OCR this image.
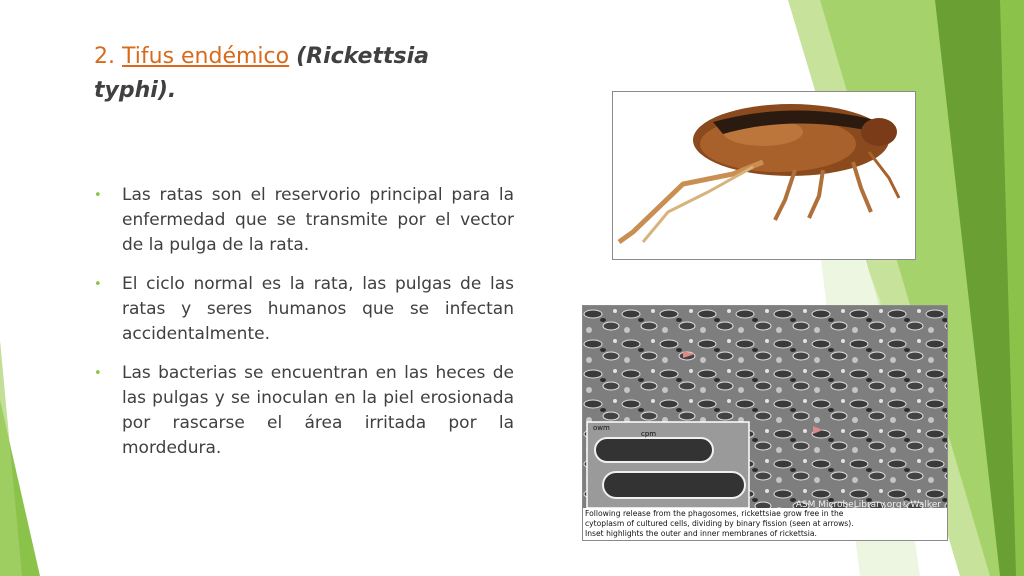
2. Tifus endémico (Rickettsia
typhi).
• Las ratas son el reservorio principal para la enfermedad que se transmite por el vector de la pulga de la rata.
• El ciclo normal es la rata, las pulgas de las ratas y seres humanos que se infectan accidentalmente.
• Las bacterias se encuentran en las heces de las pulgas y se inoculan en la piel erosionada por rascarse el área irritada por la mordedura.
owm
cpm
ASM MicrobeLibrary.org©Walker
Following release from the phagosomes, rickettsiae grow free in the
cytoplasm of cultured cells, dividing by binary fission (seen at arrows).
Inset highlights the outer and inner membranes of rickettsia.
